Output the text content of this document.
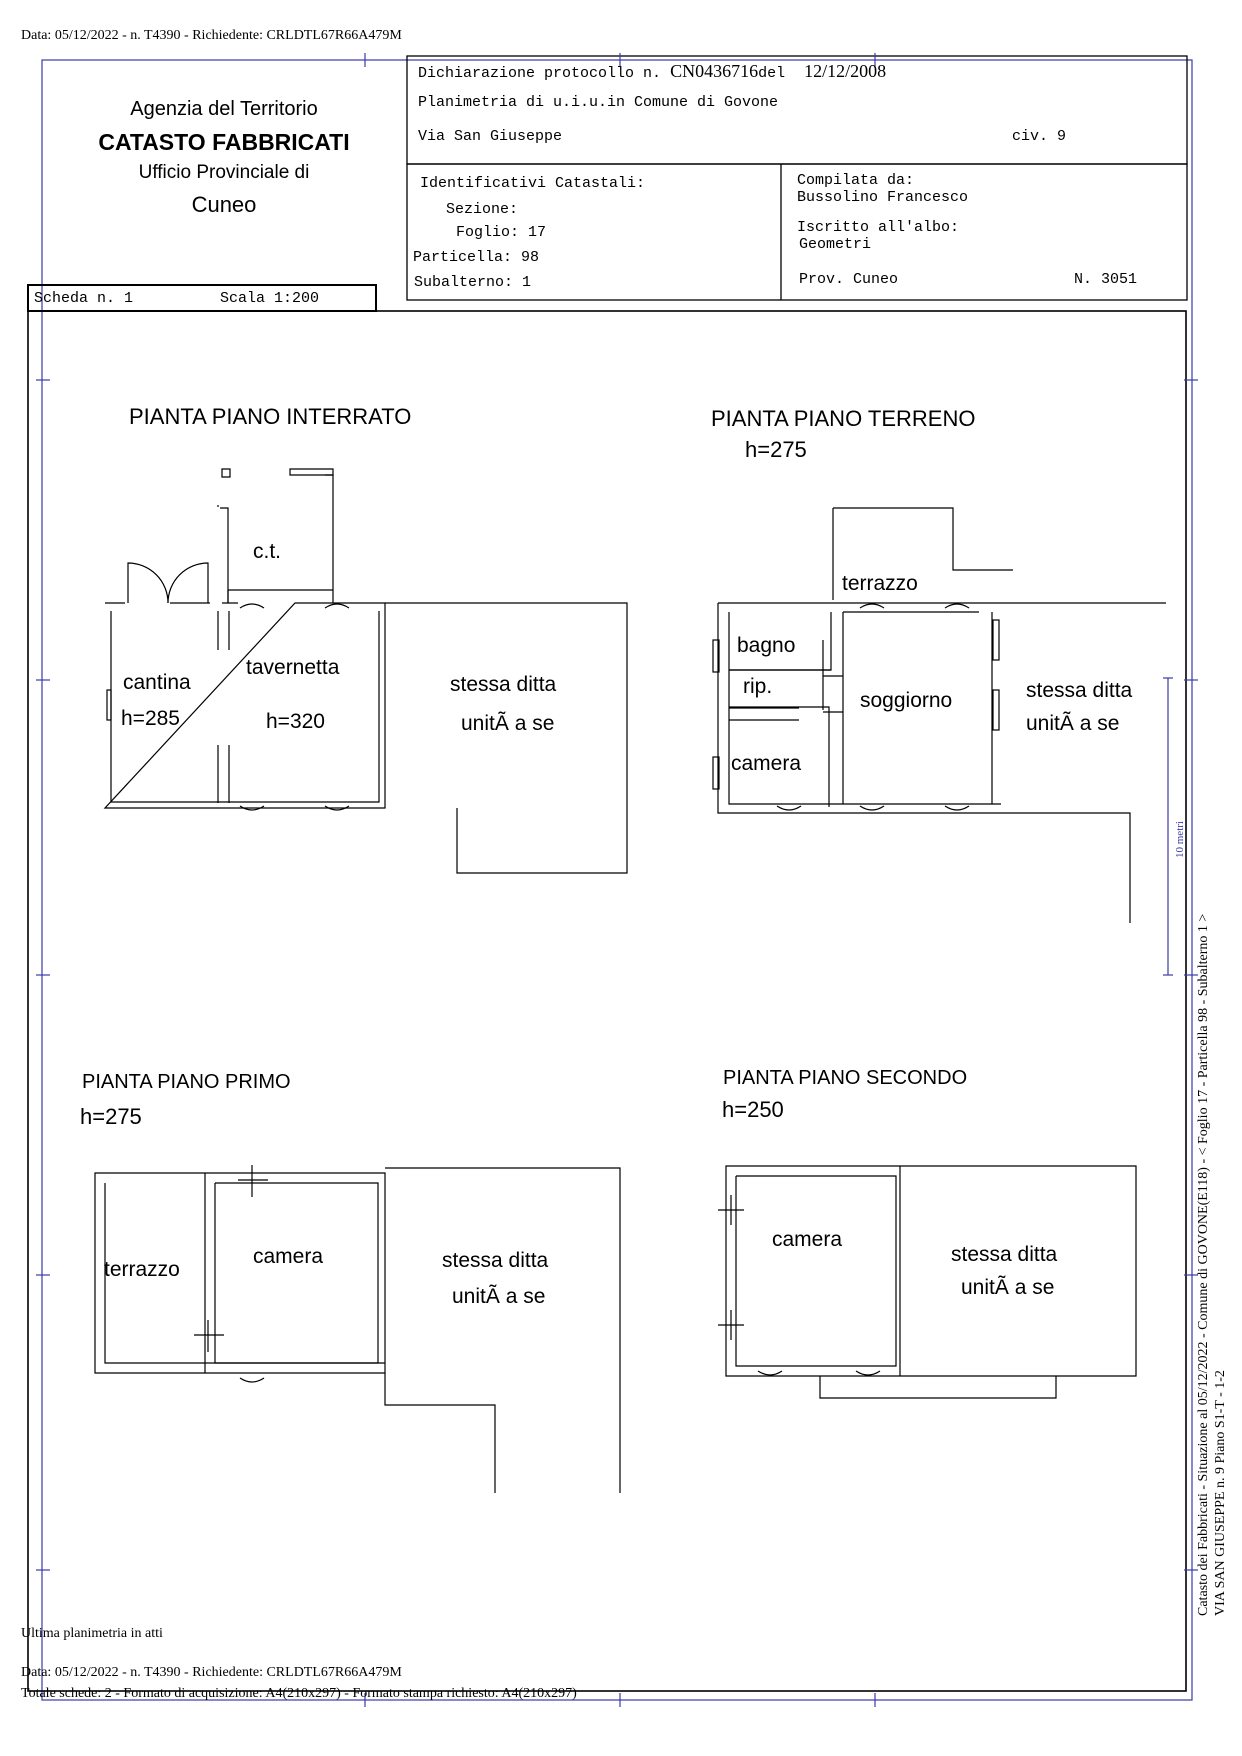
Data: 05/12/2022 - n. T4390 - Richiedente: CRLDTL67R66A479M
Agenzia del Territorio
CATASTO FABBRICATI
Ufficio Provinciale di
Cuneo
Dichiarazione protocollo n. CN0436716del 12/12/2008
Planimetria di u.i.u.in Comune di Govone
Via San Giuseppe	civ. 9
Identificativi Catastali:
Sezione:
Foglio: 17
Particella: 98
Subalterno: 1
Compilata da:
Bussolino Francesco
Iscritto all'albo:
Geometri
Prov. Cuneo	N. 3051
Scheda n. 1	Scala 1:200
PIANTA PIANO INTERRATO
c.t.
cantina
h=285
tavernetta
h=320
stessa ditta
unitÃ a se
PIANTA PIANO TERRENO
h=275
terrazzo
bagno
rip.
camera
soggiorno	stessa ditta
unitÃ a se
PIANTA PIANO PRIMO
h=275
terrazzo
camera	stessa ditta
unitÃ a se
PIANTA PIANO SECONDO
h=250
camera
stessa ditta
unitÃ a se	Catasto dei Fabbricati - Situazione al 05/12/2022 - Comune di GOVONE(E118) - < Foglio 17 - Particella 98 - Subalterno 1 > VIA SAN GIUSEPPE n. 9 Piano S1-T - 1-2
10 metri
Ultima planimetria in atti
Data: 05/12/2022 - n. T4390 - Richiedente: CRLDTL67R66A479M
Totale schede: 2 - Formato di acquisizione: A4(210x297) - Formato stampa richiesto: A4(210x297)
